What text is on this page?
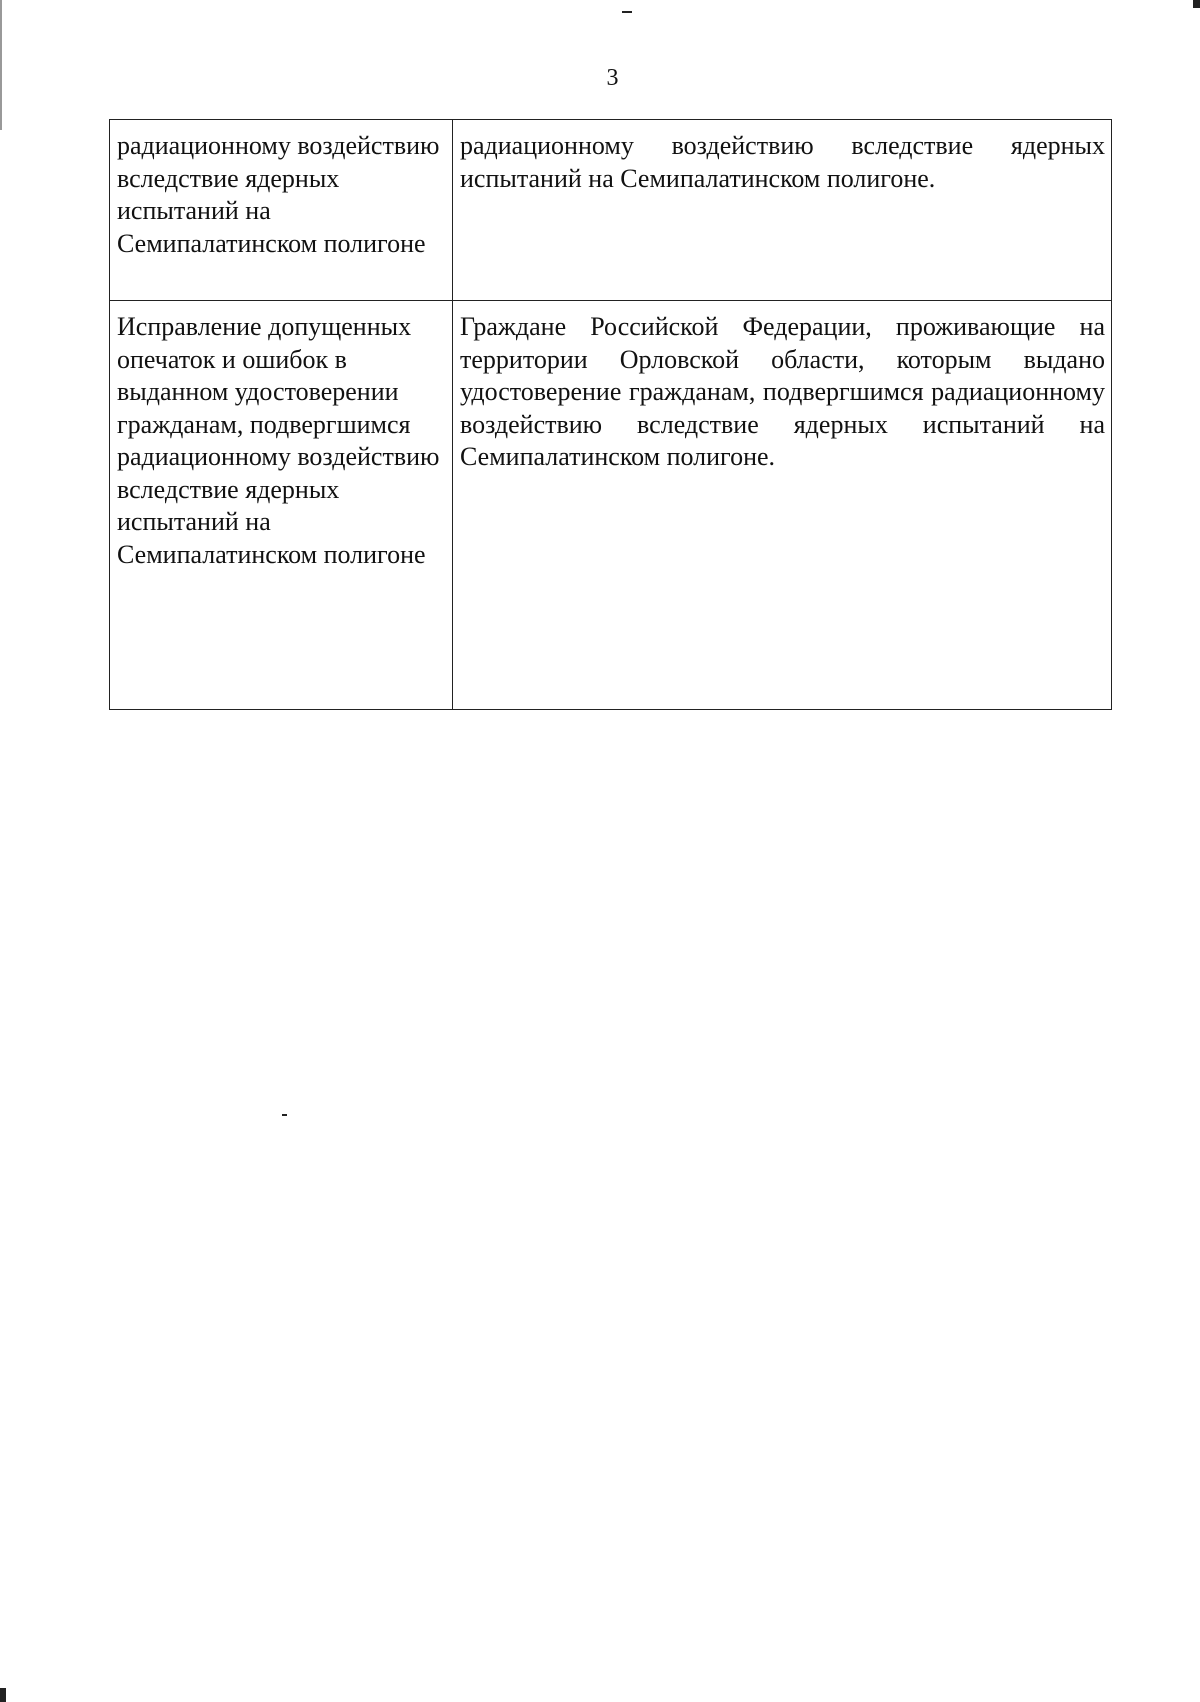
3
радиационному воздействию вследствие ядерных испытаний на Семипалатинском полигоне	радиационному воздействию вследствие ядерных испытаний на Семипалатинском полигоне.
Исправление допущенных опечаток и ошибок в выданном удостоверении гражданам, подвергшимся радиационному воздействию вследствие ядерных испытаний на Семипалатинском полигоне	Граждане Российской Федерации, проживающие на территории Орловской области, которым выдано удостоверение гражданам, подвергшимся радиационному воздействию вследствие ядерных испытаний на Семипалатинском полигоне.
